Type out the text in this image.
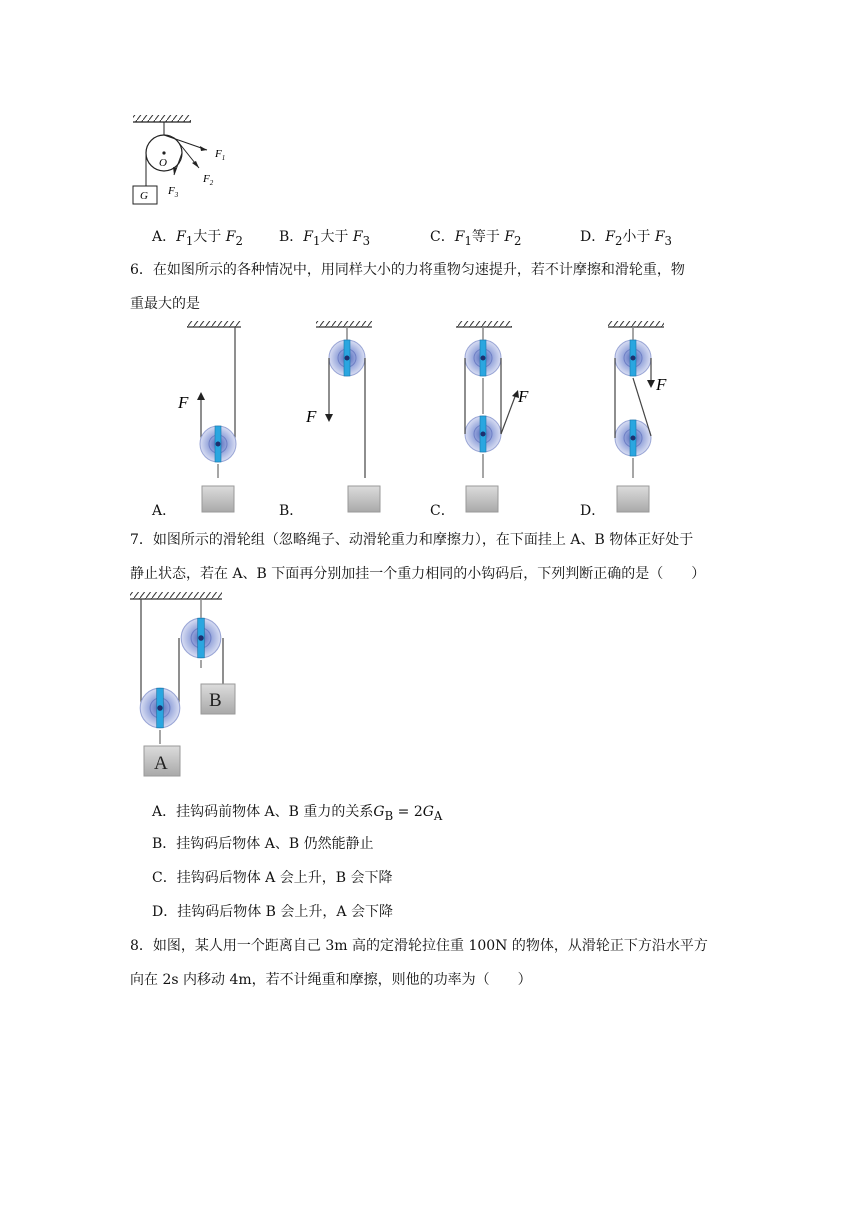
O
G
$F_1$
$F_2$
$F_3$
A．$F_1$大于 $F_2$	B．$F_1$大于 $F_3$	C．$F_1$等于 $F_2$	D．$F_2$小于 $F_3$
6．在如图所示的各种情况中，用同样大小的力将重物匀速提升，若不计摩擦和滑轮重，物
重最大的是
F
F
F
F
A．	B．	C．	D．
7．如图所示的滑轮组（忽略绳子、动滑轮重力和摩擦力），在下面挂上 A、B 物体正好处于
静止状态，若在 A、B 下面再分别加挂一个重力相同的小钩码后，下列判断正确的是（　　）
B
A
A．挂钩码前物体 A、B 重力的关系$G_B = 2G_A$
B．挂钩码后物体 A、B 仍然能静止
C．挂钩码后物体 A 会上升，B 会下降
D．挂钩码后物体 B 会上升，A 会下降
8．如图，某人用一个距离自己 3m 高的定滑轮拉住重 100N 的物体，从滑轮正下方沿水平方
向在 2s 内移动 4m，若不计绳重和摩擦，则他的功率为（　　）
